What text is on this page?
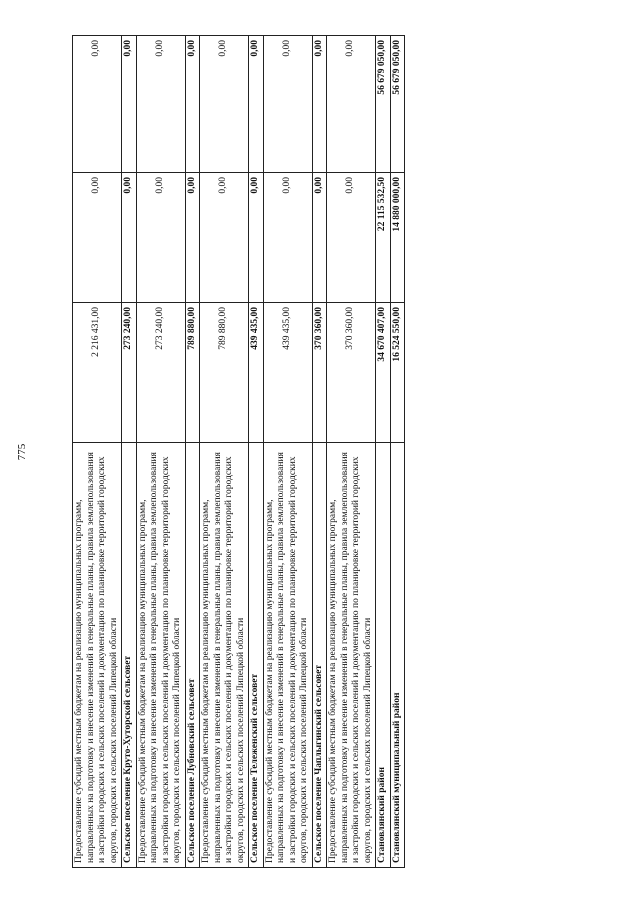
775
Предоставление субсидий местным бюджетам на реализацию муниципальных программ, направленных на подготовку и внесение изменений в генеральные планы, правила землепользования и застройки городских и сельских поселений и документацию по планировке территорий городских округов, городских и сельских поселений Липецкой области	2 216 431,00	0,00	0,00
Сельское поселение Круто-Хуторской сельсовет	273 240,00	0,00	0,00
Предоставление субсидий местным бюджетам на реализацию муниципальных программ, направленных на подготовку и внесение изменений в генеральные планы, правила землепользования и застройки городских и сельских поселений и документацию по планировке территорий городских округов, городских и сельских поселений Липецкой области	273 240,00	0,00	0,00
Сельское поселение Лубновский сельсовет	789 880,00	0,00	0,00
Предоставление субсидий местным бюджетам на реализацию муниципальных программ, направленных на подготовку и внесение изменений в генеральные планы, правила землепользования и застройки городских и сельских поселений и документацию по планировке территорий городских округов, городских и сельских поселений Липецкой области	789 880,00	0,00	0,00
Сельское поселение Тележенский сельсовет	439 435,00	0,00	0,00
Предоставление субсидий местным бюджетам на реализацию муниципальных программ, направленных на подготовку и внесение изменений в генеральные планы, правила землепользования и застройки городских и сельских поселений и документацию по планировке территорий городских округов, городских и сельских поселений Липецкой области	439 435,00	0,00	0,00
Сельское поселение Чаплыгинский сельсовет	370 360,00	0,00	0,00
Предоставление субсидий местным бюджетам на реализацию муниципальных программ, направленных на подготовку и внесение изменений в генеральные планы, правила землепользования и застройки городских и сельских поселений и документацию по планировке территорий городских округов, городских и сельских поселений Липецкой области	370 360,00	0,00	0,00
Становлянский район	34 670 407,00	22 115 532,50	56 679 050,00
Становлянский муниципальный район	16 524 550,00	14 880 000,00	56 679 050,00
